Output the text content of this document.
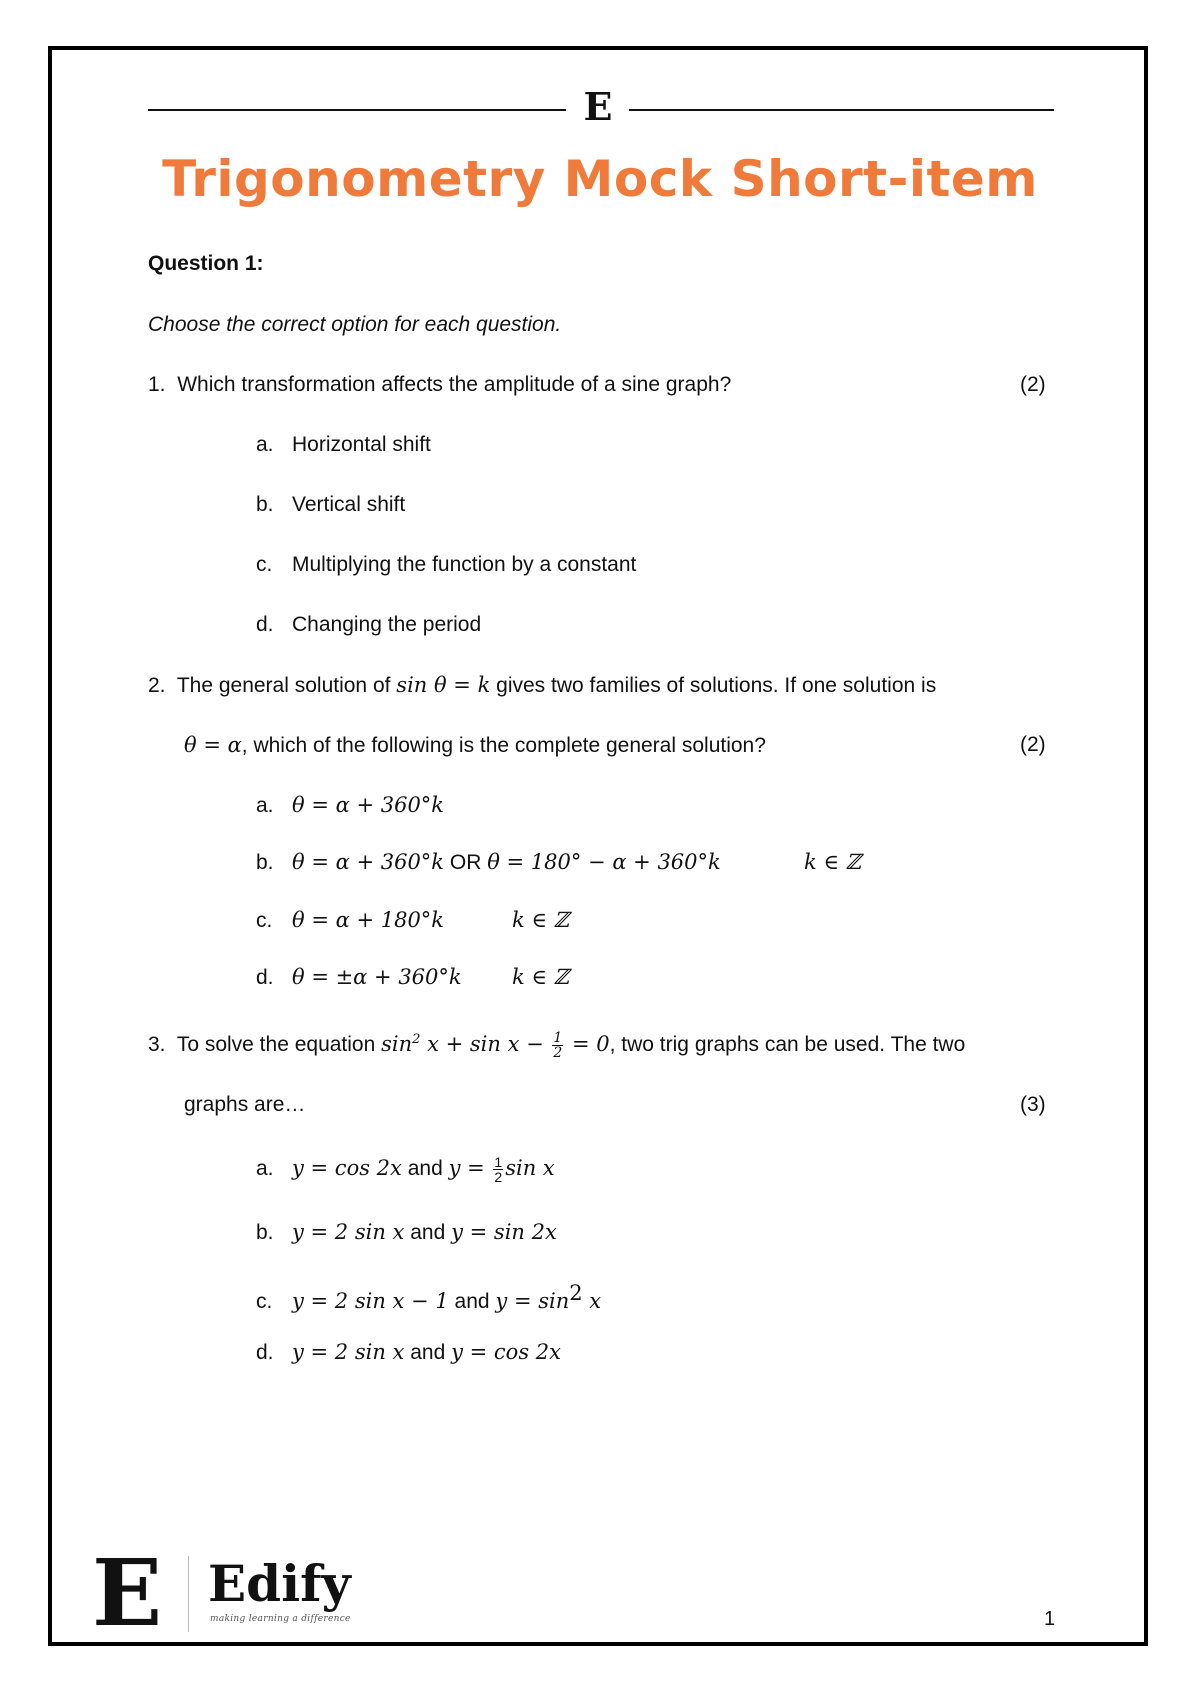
E
Trigonometry Mock Short-item
Question 1:
Choose the correct option for each question.
1. Which transformation affects the amplitude of a sine graph?	(2)
a. Horizontal shift
b. Vertical shift
c. Multiplying the function by a constant
d. Changing the period
2. The general solution of sin θ = k gives two families of solutions. If one solution is
θ = α, which of the following is the complete general solution?	(2)
a. θ = α + 360°k
b. θ = α + 360°k OR θ = 180° − α + 360°k	k ∈ ℤ
c. θ = α + 180°k	k ∈ ℤ
d. θ = ±α + 360°k k ∈ ℤ
3. To solve the equation $\sin^2 x + \sin x - \frac{1}{2} = 0$, two trig graphs can be used. The two
graphs are…	(3)
a. y = cos 2x and $y = \frac{1}{2}$ sin x
b. y = 2 sin x and y = sin 2x
c. y = 2 sin x − 1 and $y = \sin^2 x$
d. y = 2 sin x and y = cos 2x
E Edify
making learning a difference	1
